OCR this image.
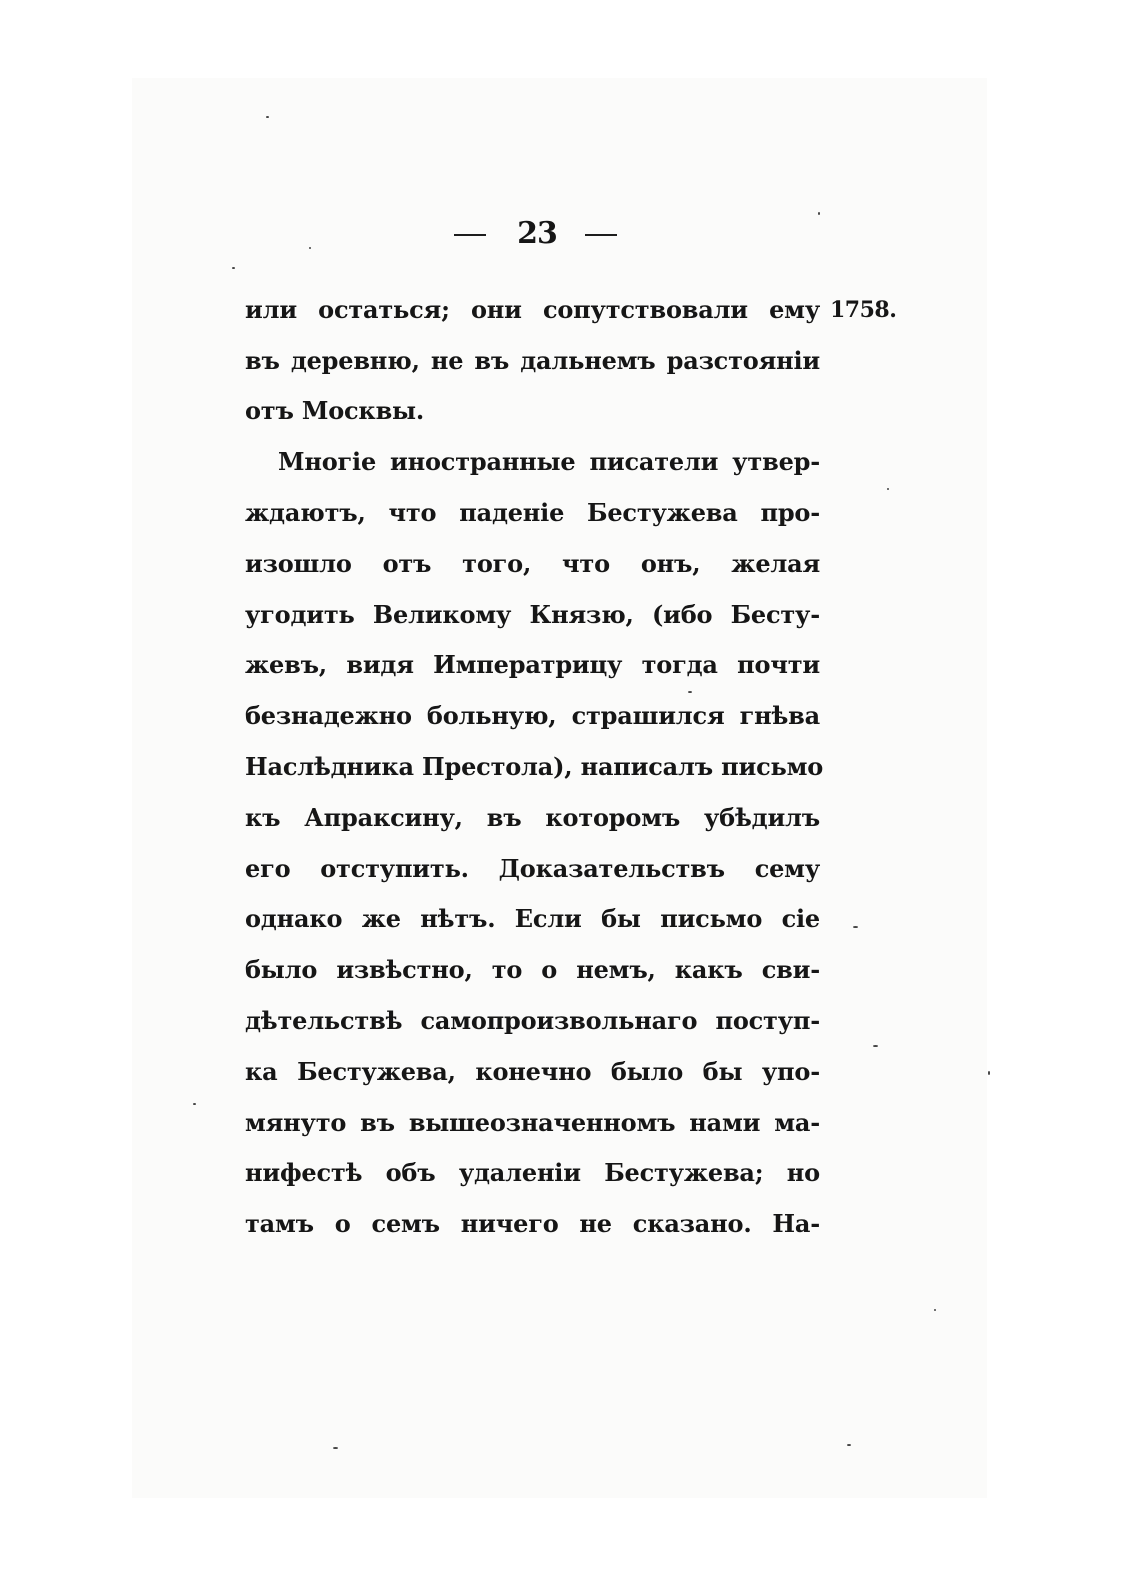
23
1758.
или остаться; они сопутствовали ему
въ деревню, не въ дальнемъ разстояніи
отъ Москвы.
Многіе иностранные писатели утвер-
ждаютъ, что паденіе Бестужева про-
изошло отъ того, что онъ, желая
угодить Великому Князю, (ибо Бесту-
жевъ, видя Императрицу тогда почти
безнадежно больную, страшился гнѣва
Наслѣдника Престола), написалъ письмо
къ Апраксину, въ которомъ убѣдилъ
его отступить. Доказательствъ сему
однако же нѣтъ. Если бы письмо сіе
было извѣстно, то о немъ, какъ сви-
дѣтельствѣ самопроизвольнаго поступ-
ка Бестужева, конечно было бы упо-
мянуто въ вышеозначенномъ нами ма-
нифестѣ объ удаленіи Бестужева; но
тамъ о семъ ничего не сказано. На-
